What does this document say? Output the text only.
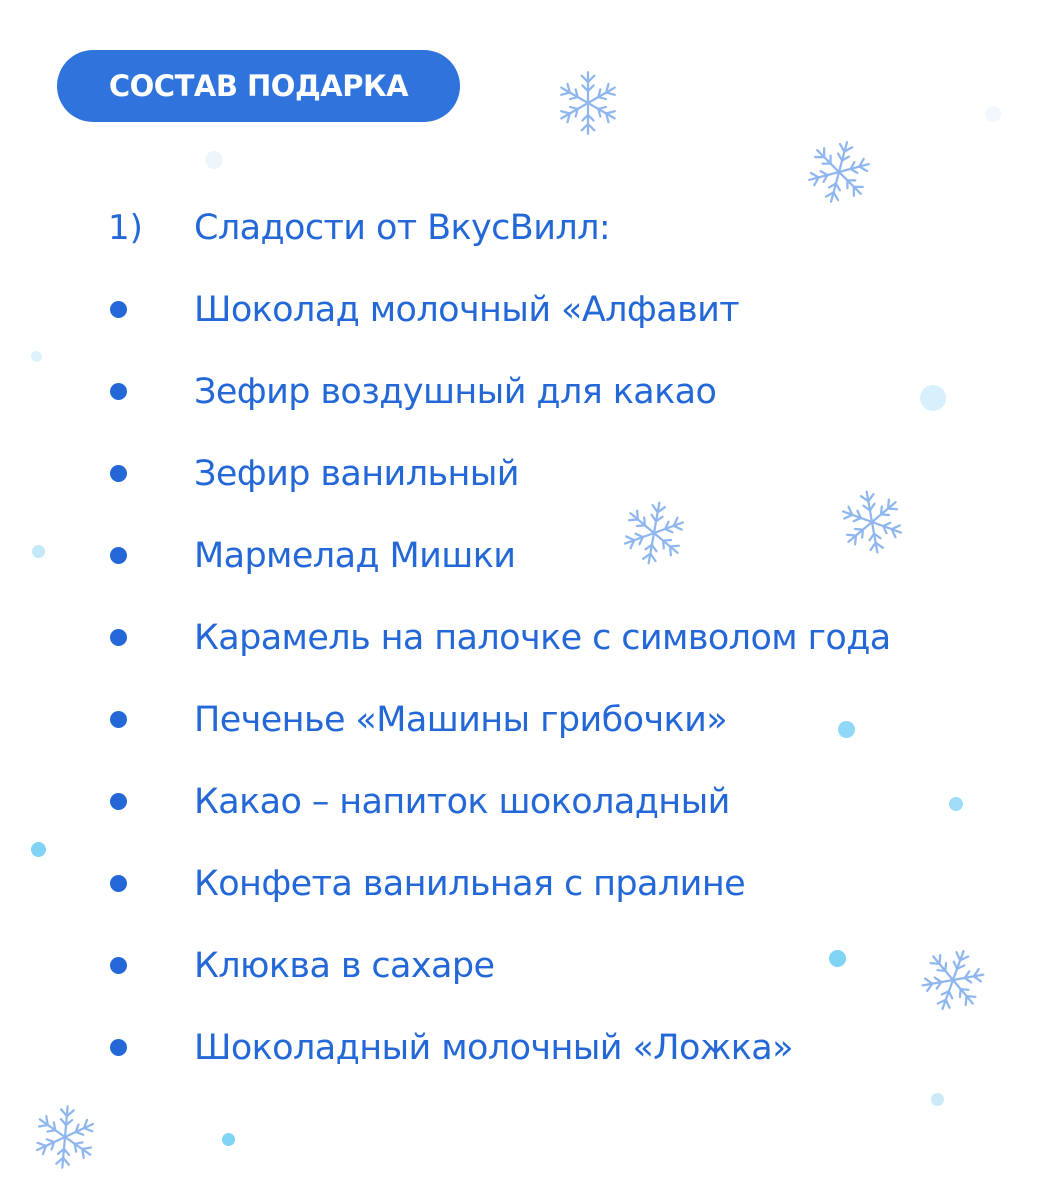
СОСТАВ ПОДАРКА
1) Сладости от ВкусВилл:
Шоколад молочный «Алфавит
Зефир воздушный для какао
Зефир ванильный
Мармелад Мишки
Карамель на палочке с символом года
Печенье «Машины грибочки»
Какао – напиток шоколадный
Конфета ванильная с пралине
Клюква в сахаре
Шоколадный молочный «Ложка»
